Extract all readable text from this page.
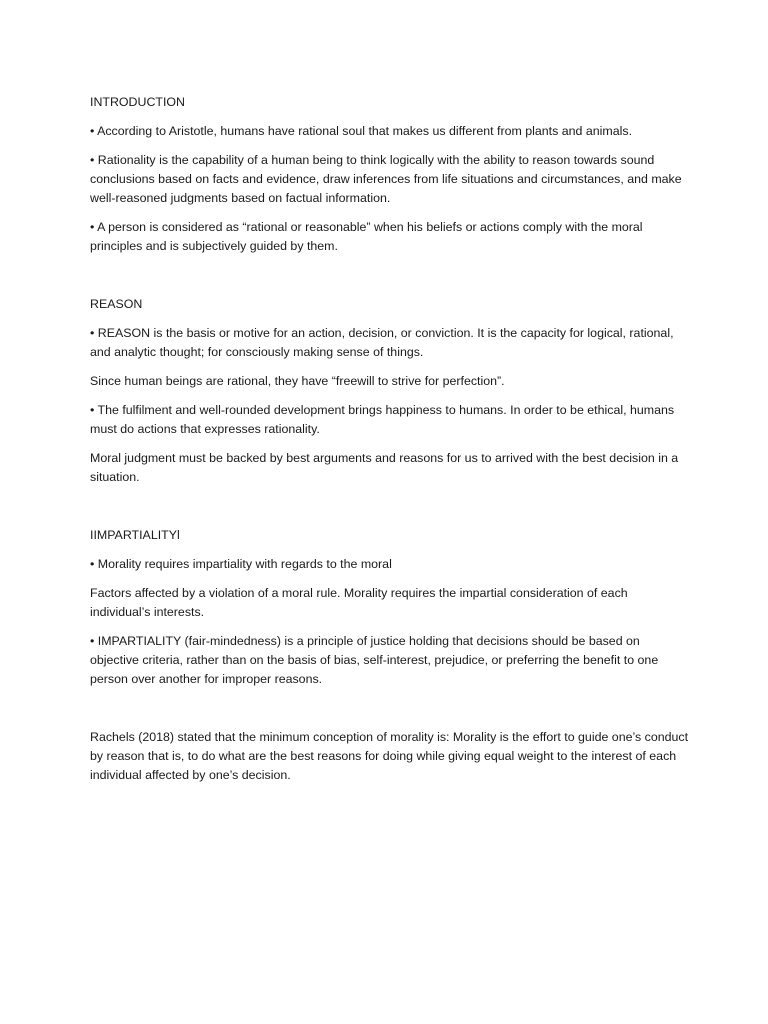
INTRODUCTION

• According to Aristotle, humans have rational soul that makes us different from plants and animals.

• Rationality is the capability of a human being to think logically with the ability to reason towards sound conclusions based on facts and evidence, draw inferences from life situations and circumstances, and make well-reasoned judgments based on factual information.

• A person is considered as “rational or reasonable” when his beliefs or actions comply with the moral principles and is subjectively guided by them.

REASON

• REASON is the basis or motive for an action, decision, or conviction. It is the capacity for logical, rational, and analytic thought; for consciously making sense of things.

Since human beings are rational, they have “freewill to strive for perfection”.

• The fulfilment and well-rounded development brings happiness to humans. In order to be ethical, humans must do actions that expresses rationality.

Moral judgment must be backed by best arguments and reasons for us to arrived with the best decision in a situation.

IIMPARTIALITYl

• Morality requires impartiality with regards to the moral

Factors affected by a violation of a moral rule. Morality requires the impartial consideration of each individual’s interests.

• IMPARTIALITY (fair-mindedness) is a principle of justice holding that decisions should be based on objective criteria, rather than on the basis of bias, self-interest, prejudice, or preferring the benefit to one person over another for improper reasons.

Rachels (2018) stated that the minimum conception of morality is: Morality is the effort to guide one’s conduct by reason that is, to do what are the best reasons for doing while giving equal weight to the interest of each individual affected by one’s decision.
